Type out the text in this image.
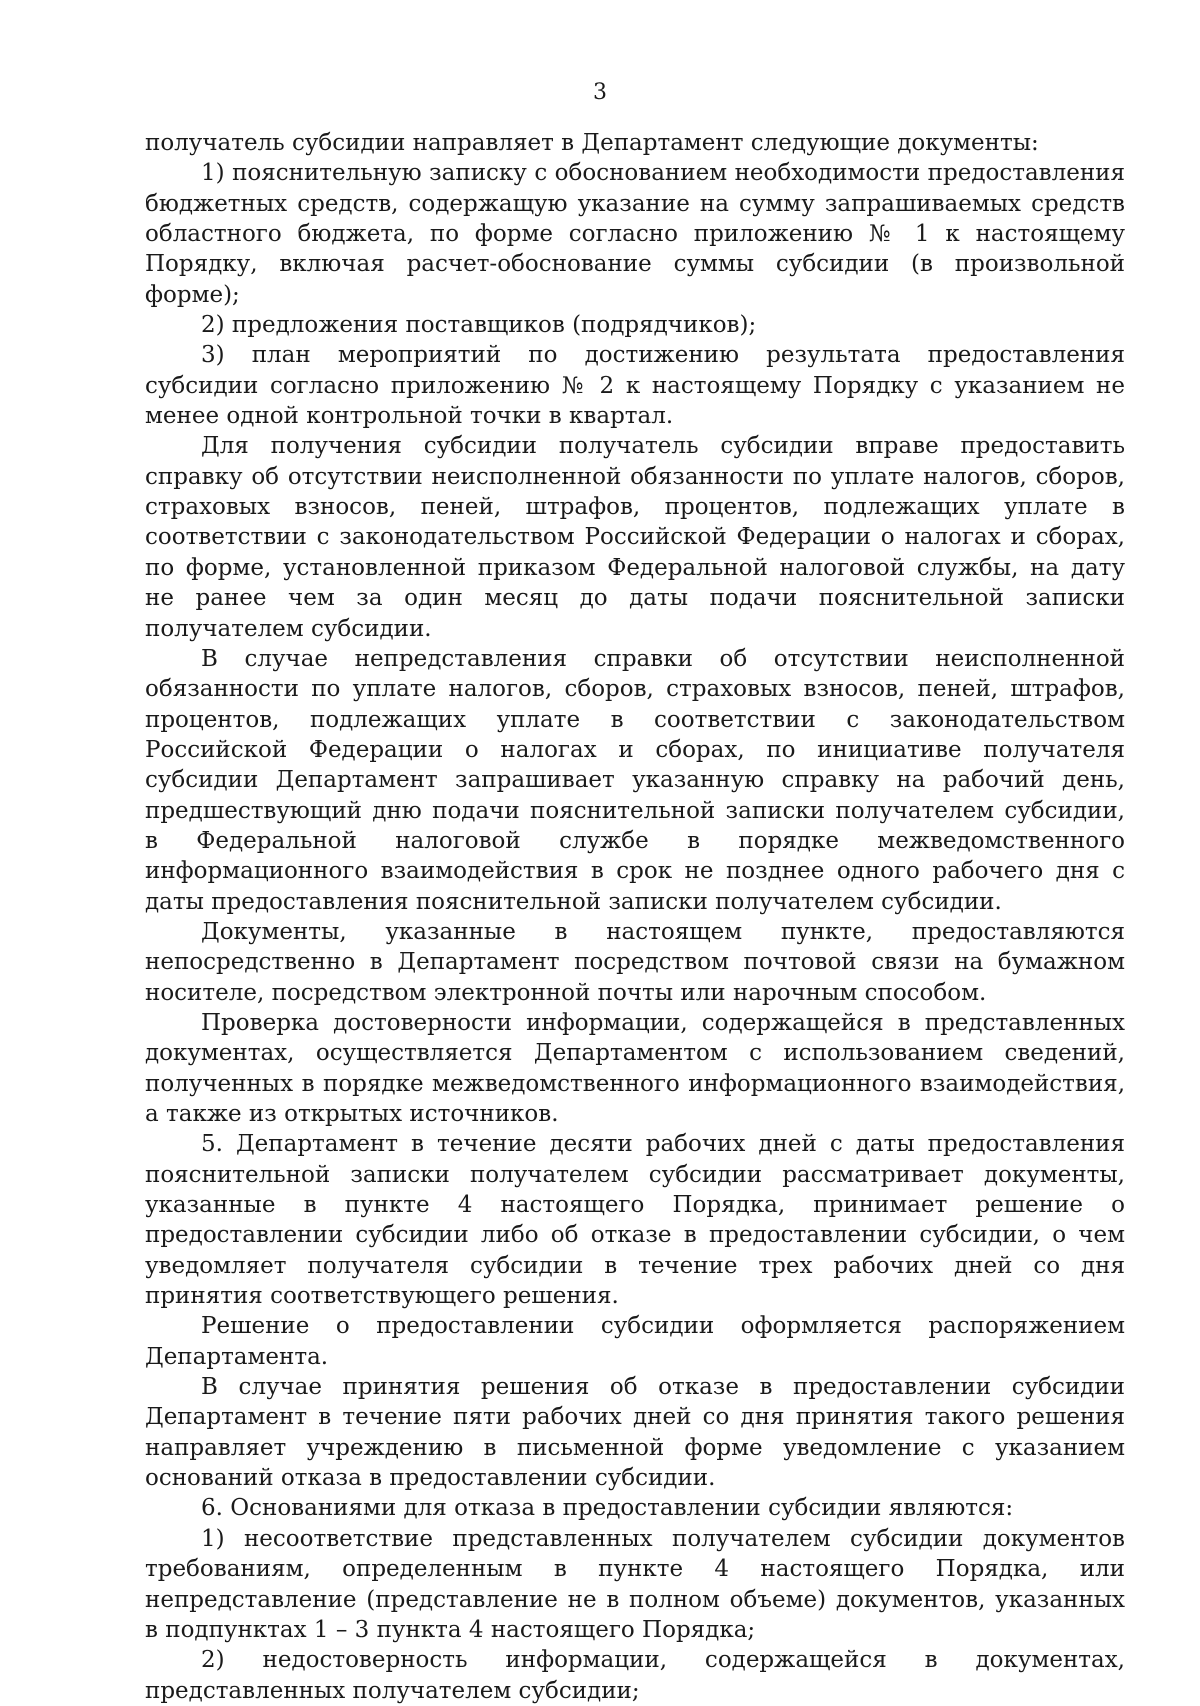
3

получатель субсидии направляет в Департамент следующие документы:

1) пояснительную записку с обоснованием необходимости предоставления бюджетных средств, содержащую указание на сумму запрашиваемых средств областного бюджета, по форме согласно приложению № 1 к настоящему Порядку, включая расчет-обоснование суммы субсидии (в произвольной форме);

2) предложения поставщиков (подрядчиков);

3) план мероприятий по достижению результата предоставления субсидии согласно приложению № 2 к настоящему Порядку с указанием не менее одной контрольной точки в квартал.

Для получения субсидии получатель субсидии вправе предоставить справку об отсутствии неисполненной обязанности по уплате налогов, сборов, страховых взносов, пеней, штрафов, процентов, подлежащих уплате в соответствии с законодательством Российской Федерации о налогах и сборах, по форме, установленной приказом Федеральной налоговой службы, на дату не ранее чем за один месяц до даты подачи пояснительной записки получателем субсидии.

В случае непредставления справки об отсутствии неисполненной обязанности по уплате налогов, сборов, страховых взносов, пеней, штрафов, процентов, подлежащих уплате в соответствии с законодательством Российской Федерации о налогах и сборах, по инициативе получателя субсидии Департамент запрашивает указанную справку на рабочий день, предшествующий дню подачи пояснительной записки получателем субсидии, в Федеральной налоговой службе в порядке межведомственного информационного взаимодействия в срок не позднее одного рабочего дня с даты предоставления пояснительной записки получателем субсидии.

Документы, указанные в настоящем пункте, предоставляются непосредственно в Департамент посредством почтовой связи на бумажном носителе, посредством электронной почты или нарочным способом.

Проверка достоверности информации, содержащейся в представленных документах, осуществляется Департаментом с использованием сведений, полученных в порядке межведомственного информационного взаимодействия, а также из открытых источников.

5. Департамент в течение десяти рабочих дней с даты предоставления пояснительной записки получателем субсидии рассматривает документы, указанные в пункте 4 настоящего Порядка, принимает решение о предоставлении субсидии либо об отказе в предоставлении субсидии, о чем уведомляет получателя субсидии в течение трех рабочих дней со дня принятия соответствующего решения.

Решение о предоставлении субсидии оформляется распоряжением Департамента.

В случае принятия решения об отказе в предоставлении субсидии Департамент в течение пяти рабочих дней со дня принятия такого решения направляет учреждению в письменной форме уведомление с указанием оснований отказа в предоставлении субсидии.

6. Основаниями для отказа в предоставлении субсидии являются:

1) несоответствие представленных получателем субсидии документов требованиям, определенным в пункте 4 настоящего Порядка, или непредставление (представление не в полном объеме) документов, указанных в подпунктах 1 – 3 пункта 4 настоящего Порядка;

2) недостоверность информации, содержащейся в документах, представленных получателем субсидии;
